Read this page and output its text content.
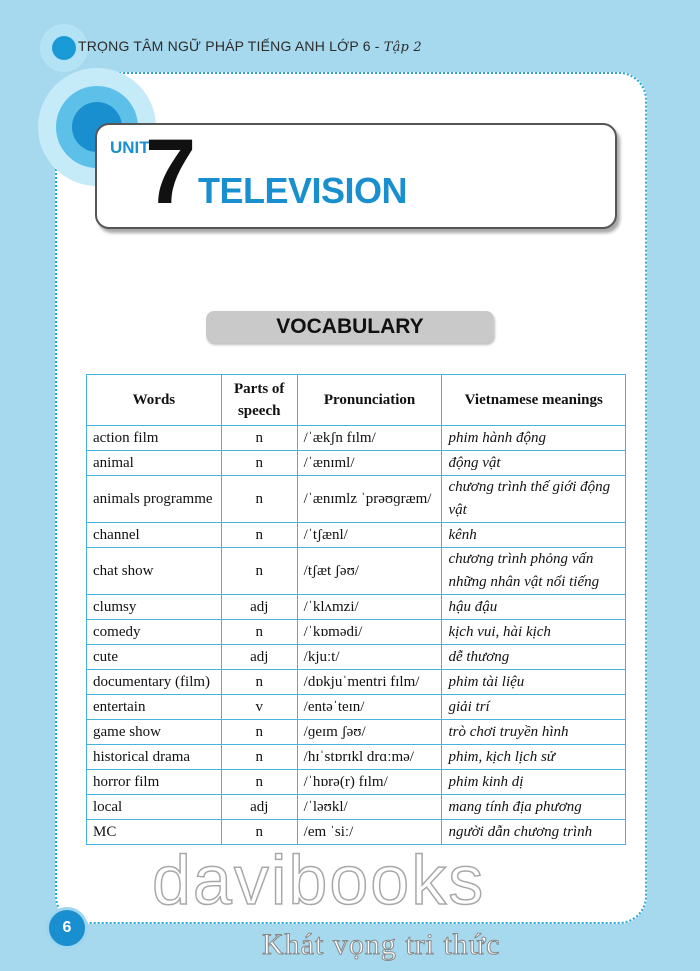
TRỌNG TÂM NGỮ PHÁP TIẾNG ANH LỚP 6 - Tập 2
UNIT
7 TELEVISION
VOCABULARY
Words	Parts of speech	Pronunciation	Vietnamese meanings
action film	n	/ˈækʃn fɪlm/	phim hành động
animal	n	/ˈænɪml/	động vật
animals programme	n	/ˈænɪmlz ˈprəʊɡræm/	chương trình thế giới động vật
channel	n	/ˈtʃænl/	kênh
chat show	n	/tʃæt ʃəʊ/	chương trình phỏng vấn những nhân vật nổi tiếng
clumsy	adj	/ˈklʌmzi/	hậu đậu
comedy	n	/ˈkɒmədi/	kịch vui, hài kịch
cute	adj	/kjuːt/	dễ thương
documentary (film)	n	/dɒkjuˈmentri fɪlm/	phim tài liệu
entertain	v	/entəˈteɪn/	giải trí
game show	n	/ɡeɪm ʃəʊ/	trò chơi truyền hình
historical drama	n	/hɪˈstɒrɪkl drɑːmə/	phim, kịch lịch sử
horror film	n	/ˈhɒrə(r) fɪlm/	phim kinh dị
local	adj	/ˈləʊkl/	mang tính địa phương
MC	n	/em ˈsiː/	người dẫn chương trình
6
davibooks
Khát vọng tri thức
